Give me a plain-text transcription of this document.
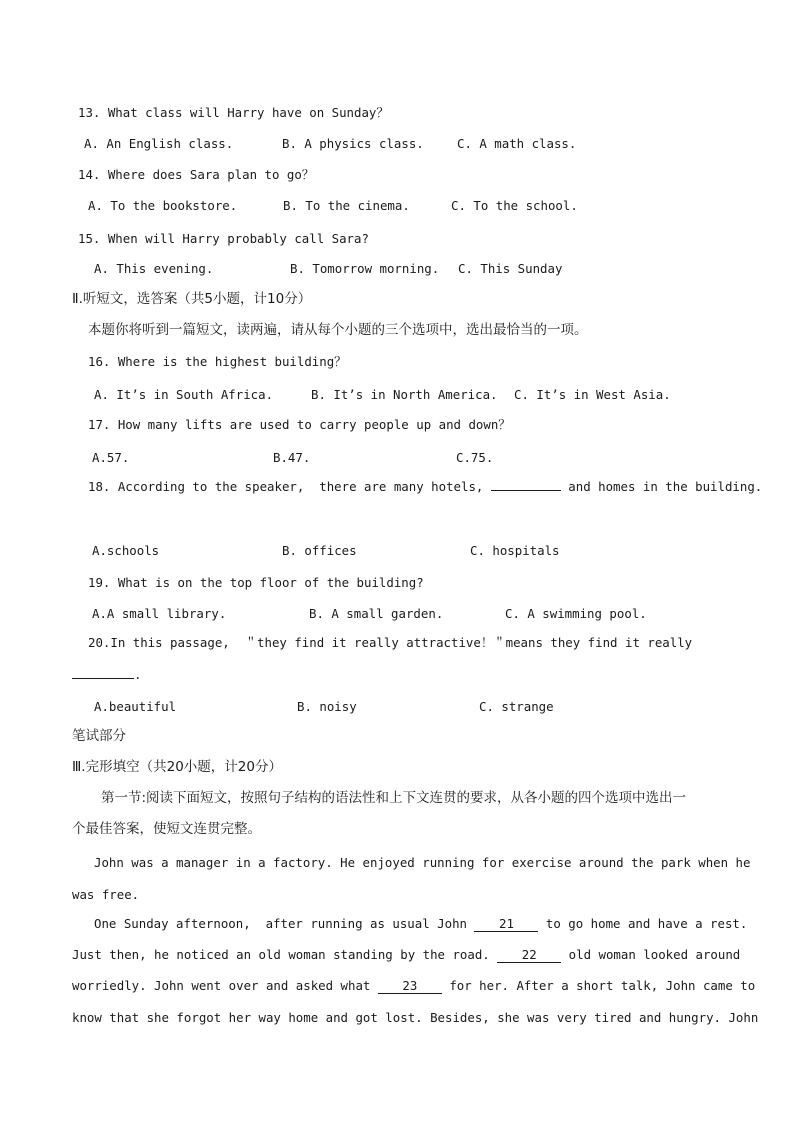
13. What class will Harry have on Sunday？
A. An English class.	B. A physics class.	C. A math class.
14. Where does Sara plan to go？
A. To the bookstore.	B. To the cinema.	C. To the school.
15. When will Harry probably call Sara?
A. This evening.	B. Tomorrow morning. C. This Sunday
Ⅱ.听短文，选答案（共5小题，计10分）
本题你将听到一篇短文，读两遍，请从每个小题的三个选项中，选出最恰当的一项。
16. Where is the highest building？
A. It’s in South Africa.	B. It’s in North America. C. It’s in West Asia.
17. How many lifts are used to carry people up and down？
A.57.	B.47.	C.75.
18. According to the speaker,  there are many hotels,	and homes in the building.
A.schools	B. offices	C. hospitals
19. What is on the top floor of the building?
A.A small library.	B. A small garden.	C. A swimming pool.
20.In this passage,  ＂they find it really attractive！＂means they find it really
.
A.beautiful	B. noisy	C. strange
笔试部分
Ⅲ.完形填空（共20小题，计20分）
第一节:阅读下面短文，按照句子结构的语法性和上下文连贯的要求，从各小题的四个选项中选出一
个最佳答案，使短文连贯完整。
John was a manager in a factory. He enjoyed running for exercise around the park when he
was free.
One Sunday afternoon,  after running as usual John 21 to go home and have a rest.
Just then, he noticed an old woman standing by the road. 22 old woman looked around
worriedly. John went over and asked what 23 for her. After a short talk, John came to
know that she forgot her way home and got lost. Besides, she was very tired and hungry. John
